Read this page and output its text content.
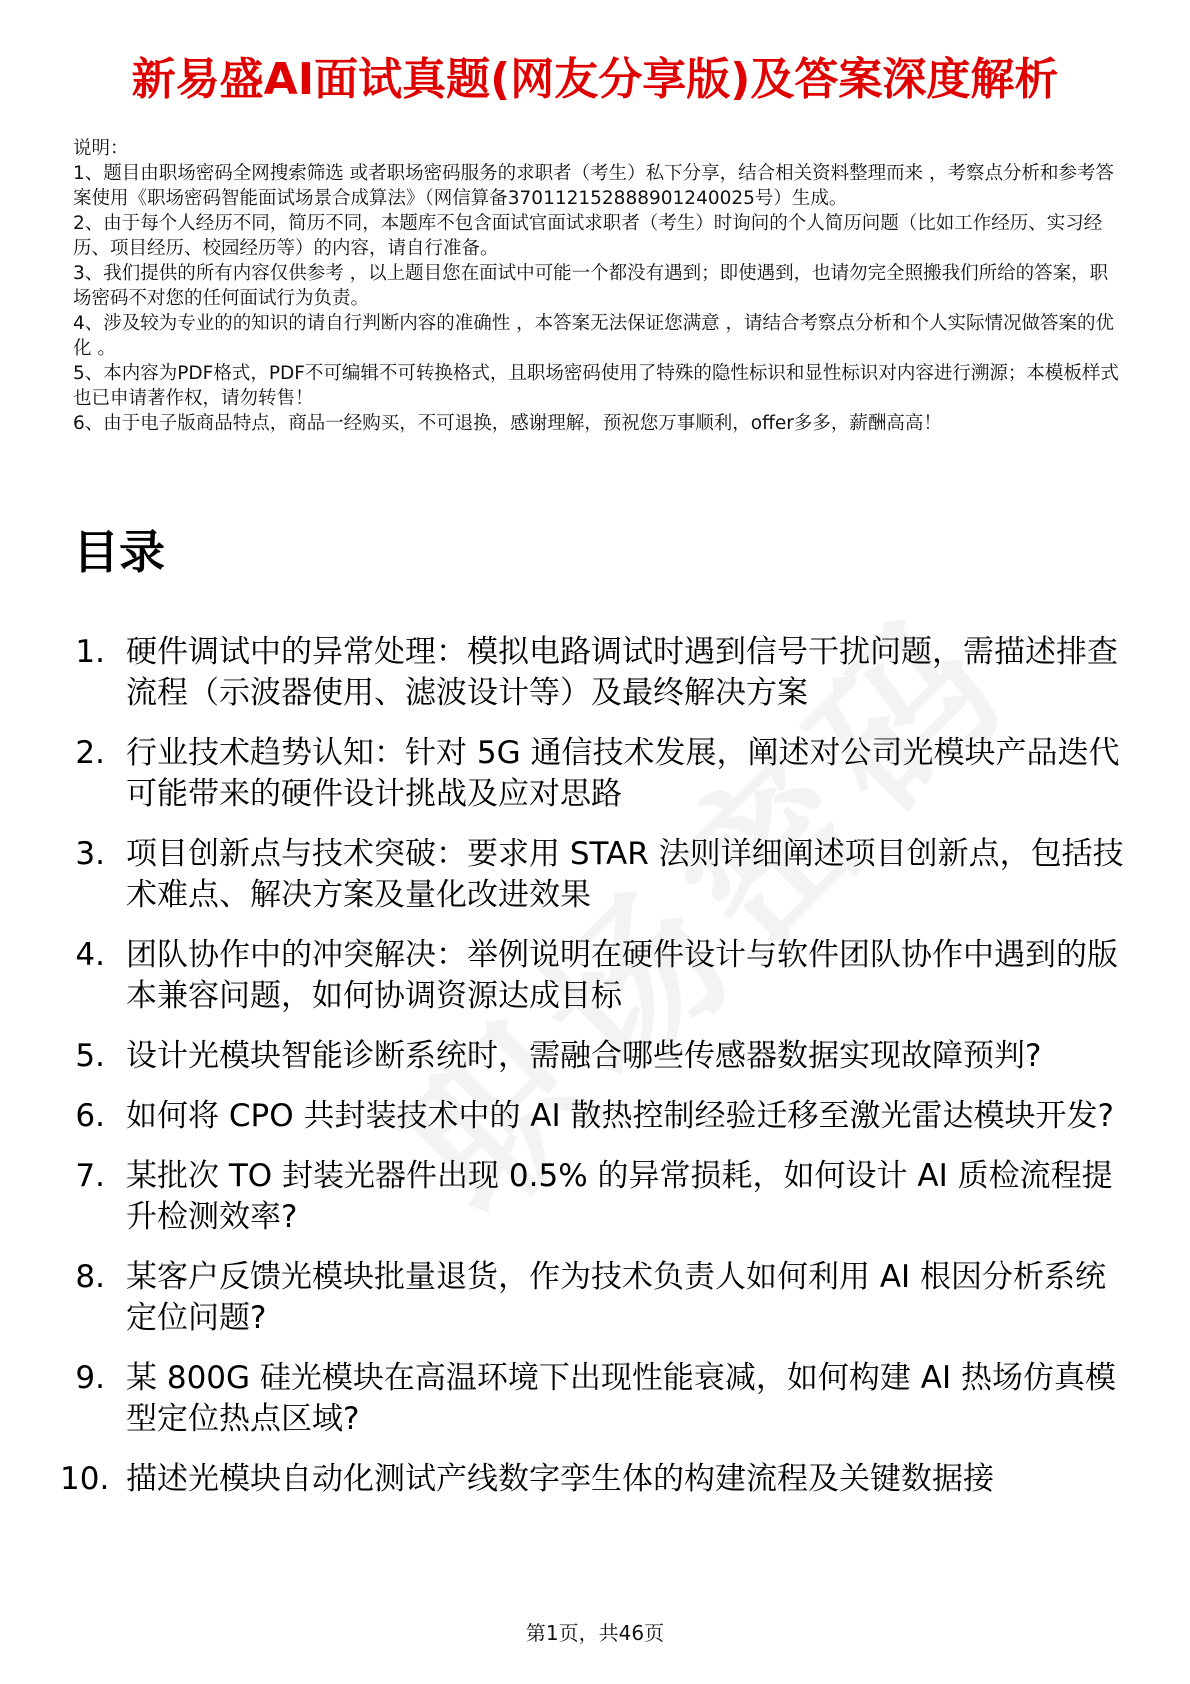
新易盛AI面试真题(网友分享版)及答案深度解析
说明：
1、题目由职场密码全网搜索筛选 或者职场密码服务的求职者（考生）私下分享，结合相关资料整理而来 ，考察点分析和参考答案使用《职场密码智能面试场景合成算法》（网信算备370112152888901240025号）生成。
2、由于每个人经历不同，简历不同，本题库不包含面试官面试求职者（考生）时询问的个人简历问题（比如工作经历、实习经历、项目经历、校园经历等）的内容，请自行准备。
3、我们提供的所有内容仅供参考 ，以上题目您在面试中可能一个都没有遇到；即使遇到，也请勿完全照搬我们所给的答案，职场密码不对您的任何面试行为负责。
4、涉及较为专业的的知识的请自行判断内容的准确性 ，本答案无法保证您满意 ，请结合考察点分析和个人实际情况做答案的优化 。
5、本内容为PDF格式，PDF不可编辑不可转换格式，且职场密码使用了特殊的隐性标识和显性标识对内容进行溯源；本模板样式也已申请著作权，请勿转售！
6、由于电子版商品特点，商品一经购买，不可退换，感谢理解，预祝您万事顺利，offer多多，薪酬高高！
目录
1. 硬件调试中的异常处理：模拟电路调试时遇到信号干扰问题，需描述排查流程（示波器使用、滤波设计等）及最终解决方案
2. 行业技术趋势认知：针对 5G 通信技术发展，阐述对公司光模块产品迭代可能带来的硬件设计挑战及应对思路
3. 项目创新点与技术突破：要求用 STAR 法则详细阐述项目创新点，包括技术难点、解决方案及量化改进效果
4. 团队协作中的冲突解决：举例说明在硬件设计与软件团队协作中遇到的版本兼容问题，如何协调资源达成目标
5. 设计光模块智能诊断系统时，需融合哪些传感器数据实现故障预判?
6. 如何将 CPO 共封装技术中的 AI 散热控制经验迁移至激光雷达模块开发?
7. 某批次 TO 封装光器件出现 0.5% 的异常损耗，如何设计 AI 质检流程提升检测效率?
8. 某客户反馈光模块批量退货，作为技术负责人如何利用 AI 根因分析系统定位问题?
9. 某 800G 硅光模块在高温环境下出现性能衰减，如何构建 AI 热场仿真模型定位热点区域?
10. 描述光模块自动化测试产线数字孪生体的构建流程及关键数据接
第1页，共46页
